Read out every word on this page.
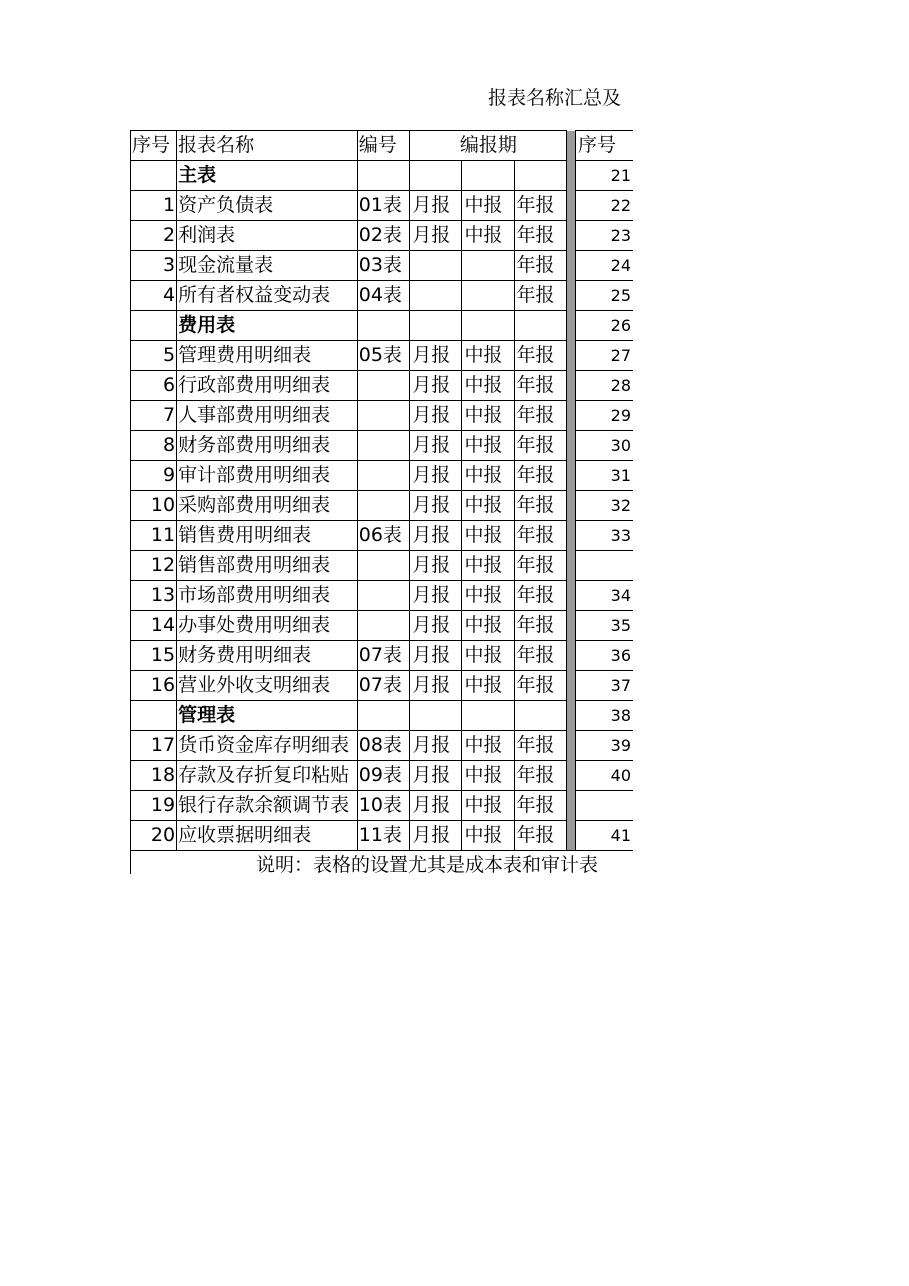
报表名称汇总及
序号	报表名称	编号	编报期				序号
	主表						21
1	资产负债表	01表	月报	中报	年报		22
2	利润表	02表	月报	中报	年报		23
3	现金流量表	03表			年报		24
4	所有者权益变动表	04表			年报		25
	费用表						26
5	管理费用明细表	05表	月报	中报	年报		27
6	行政部费用明细表		月报	中报	年报		28
7	人事部费用明细表		月报	中报	年报		29
8	财务部费用明细表		月报	中报	年报		30
9	审计部费用明细表		月报	中报	年报		31
10	采购部费用明细表		月报	中报	年报		32
11	销售费用明细表	06表	月报	中报	年报		33
12	销售部费用明细表		月报	中报	年报		
13	市场部费用明细表		月报	中报	年报		34
14	办事处费用明细表		月报	中报	年报		35
15	财务费用明细表	07表	月报	中报	年报		36
16	营业外收支明细表	07表	月报	中报	年报		37
	管理表						38
17	货币资金库存明细表	08表	月报	中报	年报		39
18	存款及存折复印粘贴	09表	月报	中报	年报		40
19	银行存款余额调节表	10表	月报	中报	年报		
20	应收票据明细表	11表	月报	中报	年报		41
说明：表格的设置尤其是成本表和审计表							
